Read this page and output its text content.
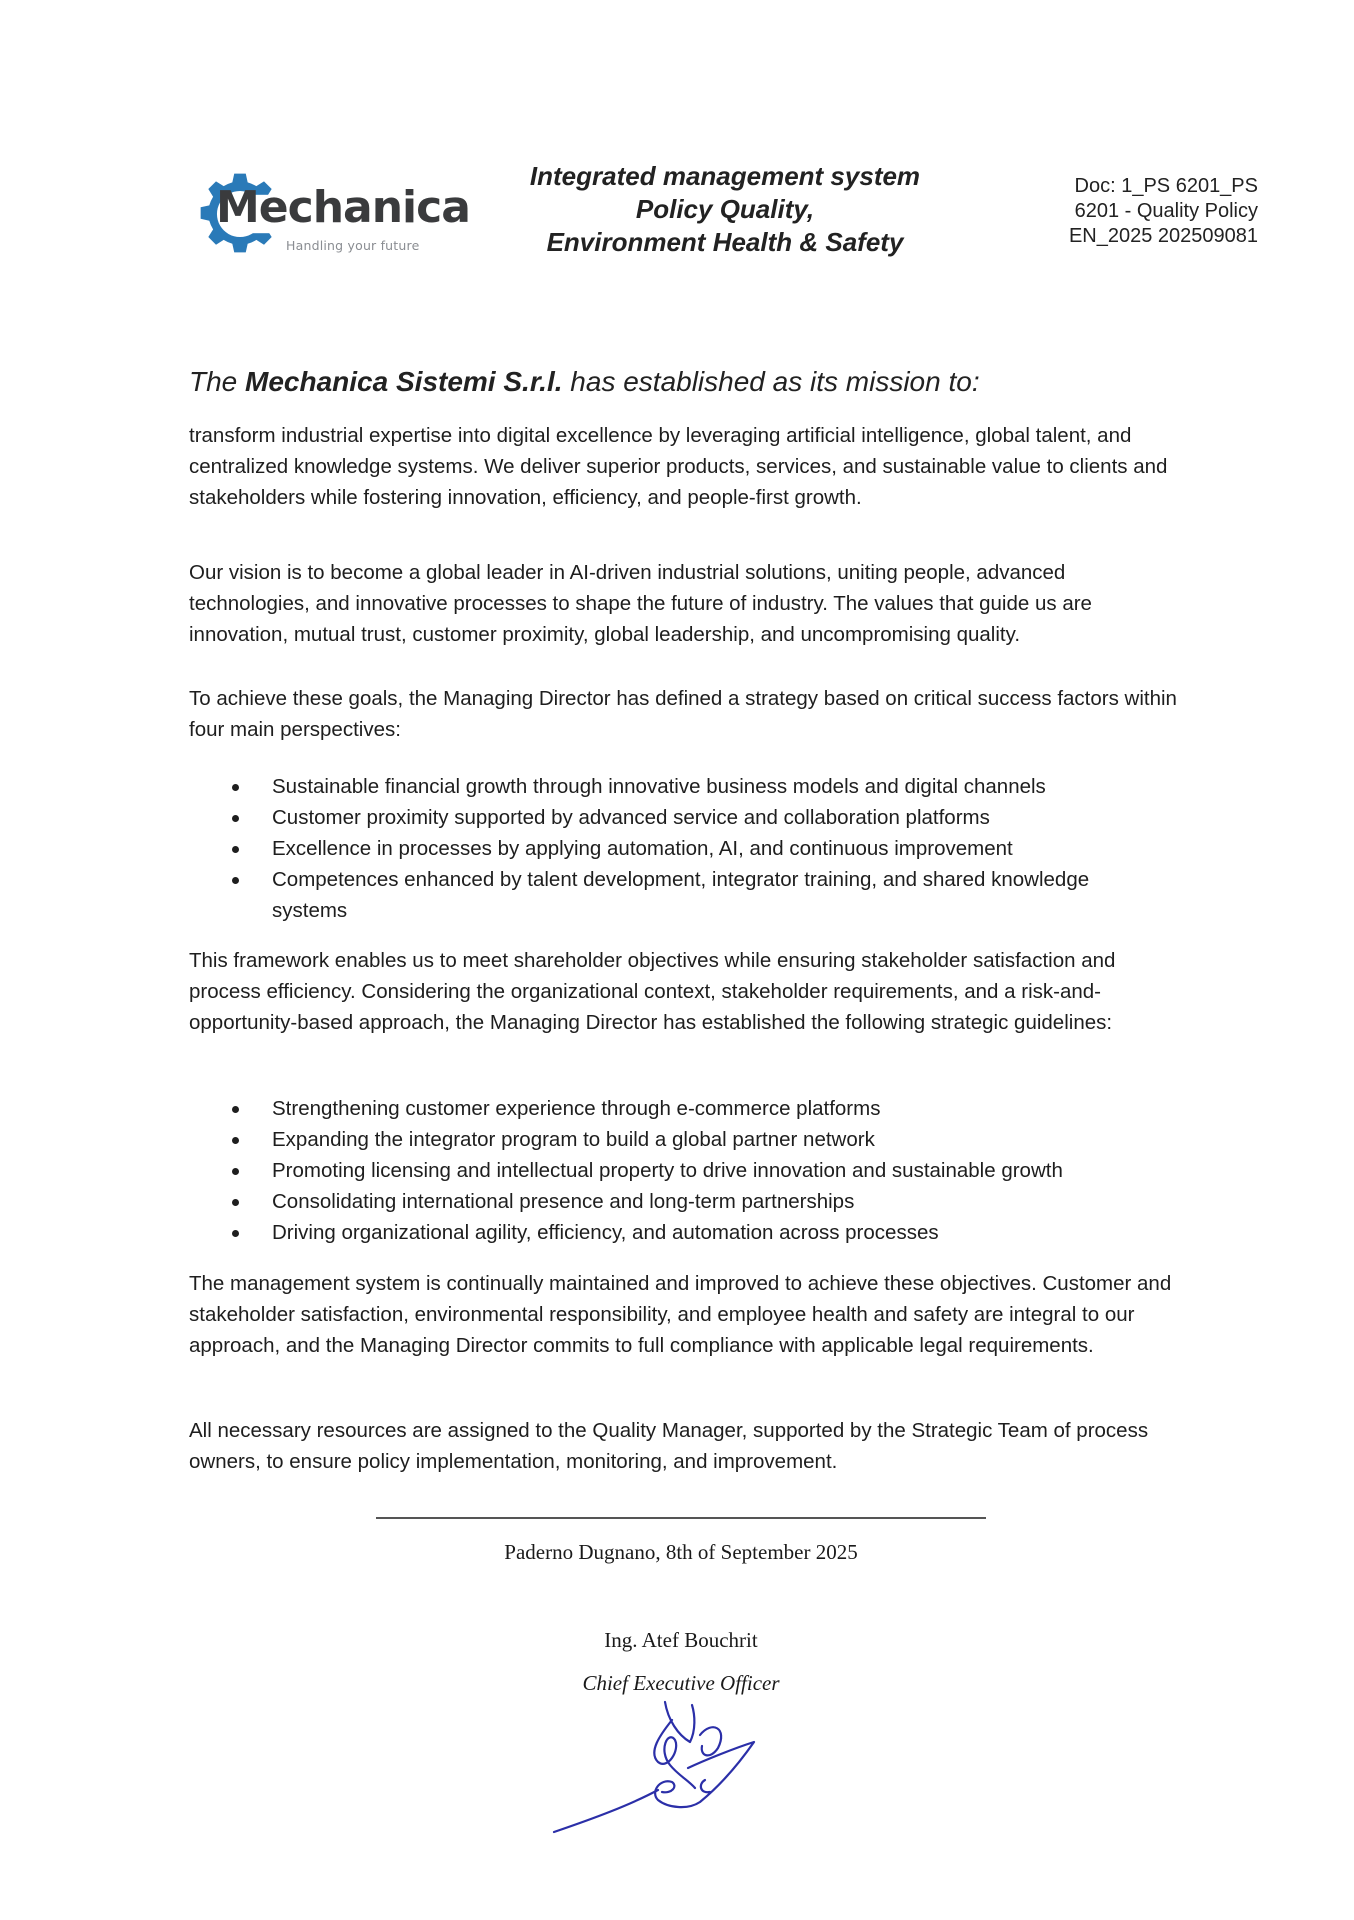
Mechanica
Handling your future
Integrated management system
Policy Quality,
Environment Health & Safety
Doc: 1_PS 6201_PS
6201 - Quality Policy
EN_2025 202509081
The Mechanica Sistemi S.r.l. has established as its mission to:

transform industrial expertise into digital excellence by leveraging artificial intelligence, global talent, and centralized knowledge systems. We deliver superior products, services, and sustainable value to clients and stakeholders while fostering innovation, efficiency, and people-first growth.

Our vision is to become a global leader in AI-driven industrial solutions, uniting people, advanced technologies, and innovative processes to shape the future of industry. The values that guide us are innovation, mutual trust, customer proximity, global leadership, and uncompromising quality.

To achieve these goals, the Managing Director has defined a strategy based on critical success factors within four main perspectives:

Sustainable financial growth through innovative business models and digital channels
Customer proximity supported by advanced service and collaboration platforms
Excellence in processes by applying automation, AI, and continuous improvement
Competences enhanced by talent development, integrator training, and shared knowledge systems

This framework enables us to meet shareholder objectives while ensuring stakeholder satisfaction and process efficiency. Considering the organizational context, stakeholder requirements, and a risk-and-opportunity-based approach, the Managing Director has established the following strategic guidelines:

Strengthening customer experience through e-commerce platforms
Expanding the integrator program to build a global partner network
Promoting licensing and intellectual property to drive innovation and sustainable growth
Consolidating international presence and long-term partnerships
Driving organizational agility, efficiency, and automation across processes

The management system is continually maintained and improved to achieve these objectives. Customer and stakeholder satisfaction, environmental responsibility, and employee health and safety are integral to our approach, and the Managing Director commits to full compliance with applicable legal requirements.

All necessary resources are assigned to the Quality Manager, supported by the Strategic Team of process owners, to ensure policy implementation, monitoring, and improvement.

Paderno Dugnano, 8th of September 2025
Ing. Atef Bouchrit
Chief Executive Officer
